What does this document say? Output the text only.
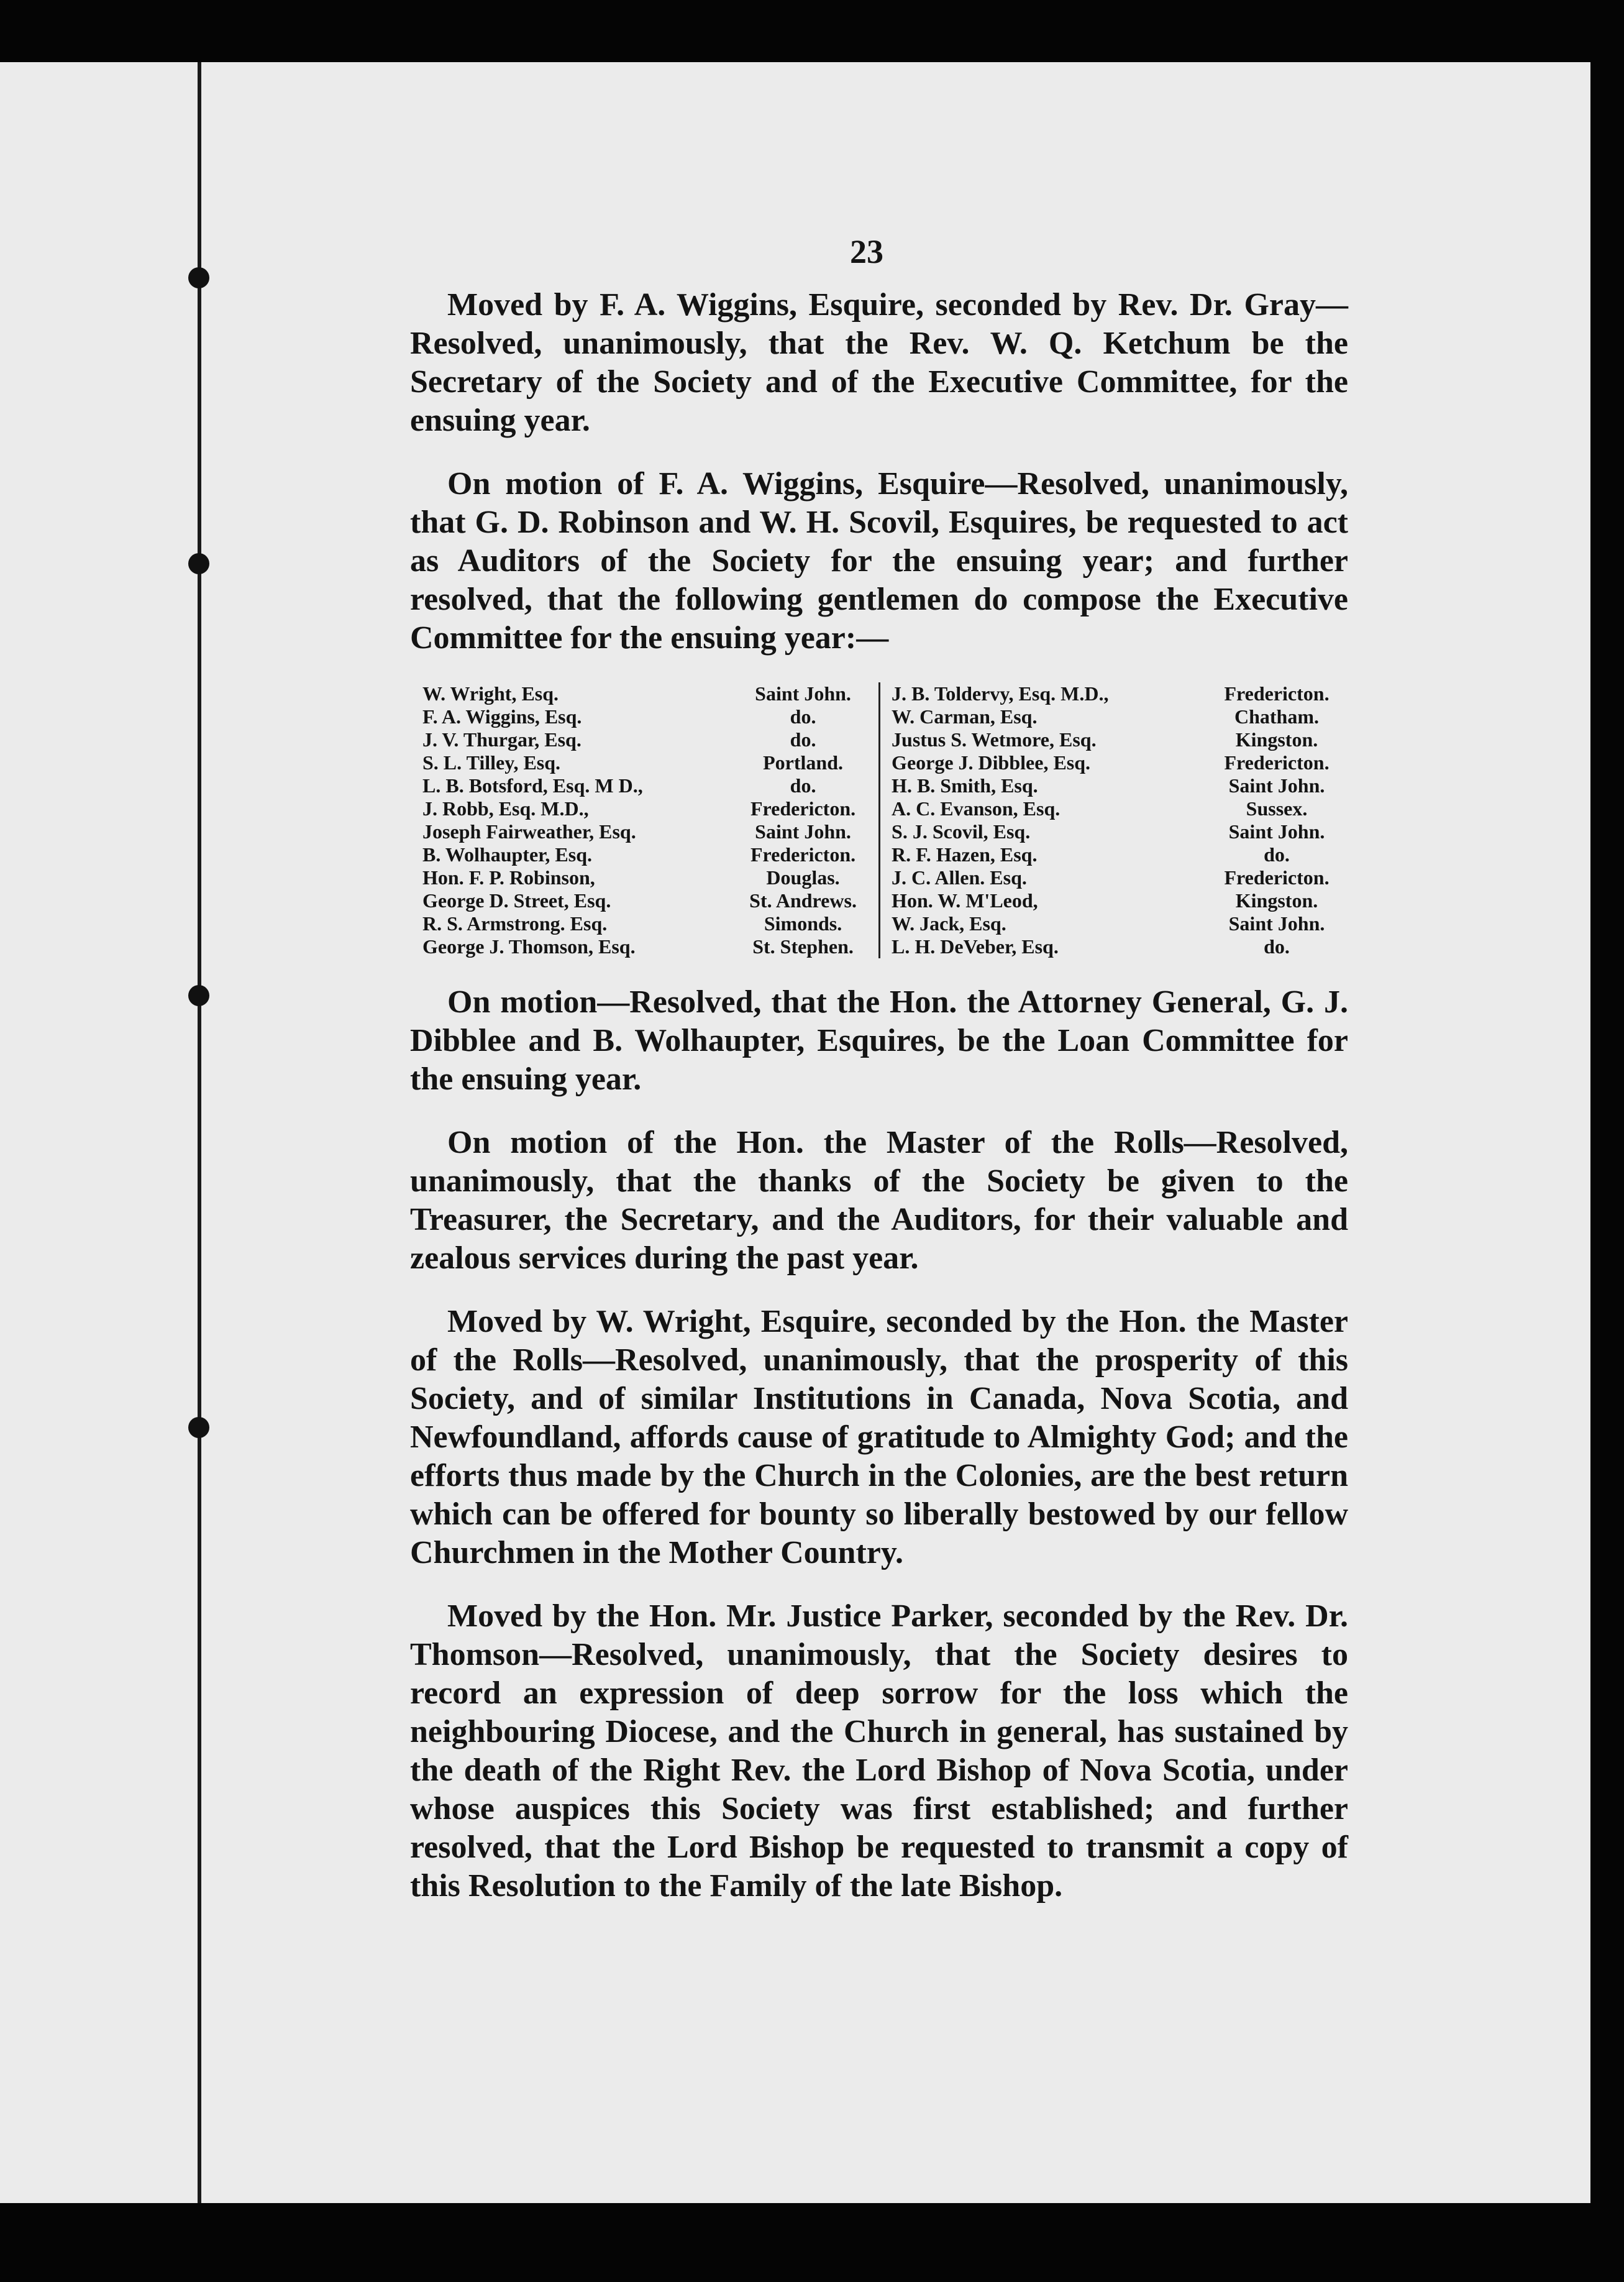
23

Moved by F. A. Wiggins, Esquire, seconded by Rev. Dr. Gray—Resolved, unanimously, that the Rev. W. Q. Ketchum be the Secretary of the Society and of the Executive Committee, for the ensuing year.

On motion of F. A. Wiggins, Esquire—Resolved, unanimously, that G. D. Robinson and W. H. Scovil, Esquires, be requested to act as Auditors of the Society for the ensuing year; and further resolved, that the following gentlemen do compose the Executive Committee for the ensuing year:—

W. Wright, Esq.
F. A. Wiggins, Esq.
J. V. Thurgar, Esq.
S. L. Tilley, Esq.
L. B. Botsford, Esq. M D.,
J. Robb, Esq. M.D.,
Joseph Fairweather, Esq.
B. Wolhaupter, Esq.
Hon. F. P. Robinson,
George D. Street, Esq.
R. S. Armstrong. Esq.
George J. Thomson, Esq.
Saint John.
do.
do.
Portland.
do.
Fredericton.
Saint John.
Fredericton.
Douglas.
St. Andrews.
Simonds.
St. Stephen.
J. B. Toldervy, Esq. M.D.,
W. Carman, Esq.
Justus S. Wetmore, Esq.
George J. Dibblee, Esq.
H. B. Smith, Esq.
A. C. Evanson, Esq.
S. J. Scovil, Esq.
R. F. Hazen, Esq.
J. C. Allen. Esq.
Hon. W. M'Leod,
W. Jack, Esq.
L. H. DeVeber, Esq.
Fredericton.
Chatham.
Kingston.
Fredericton.
Saint John.
Sussex.
Saint John.
do.
Fredericton.
Kingston.
Saint John.
do.

On motion—Resolved, that the Hon. the Attorney General, G. J. Dibblee and B. Wolhaupter, Esquires, be the Loan Committee for the ensuing year.

On motion of the Hon. the Master of the Rolls—Resolved, unanimously, that the thanks of the Society be given to the Treasurer, the Secretary, and the Auditors, for their valuable and zealous services during the past year.

Moved by W. Wright, Esquire, seconded by the Hon. the Master of the Rolls—Resolved, unanimously, that the prosperity of this Society, and of similar Institutions in Canada, Nova Scotia, and Newfoundland, affords cause of gratitude to Almighty God; and the efforts thus made by the Church in the Colonies, are the best return which can be offered for bounty so liberally bestowed by our fellow Churchmen in the Mother Country.

Moved by the Hon. Mr. Justice Parker, seconded by the Rev. Dr. Thomson—Resolved, unanimously, that the Society desires to record an expression of deep sorrow for the loss which the neighbouring Diocese, and the Church in general, has sustained by the death of the Right Rev. the Lord Bishop of Nova Scotia, under whose auspices this Society was first established; and further resolved, that the Lord Bishop be requested to transmit a copy of this Resolution to the Family of the late Bishop.
